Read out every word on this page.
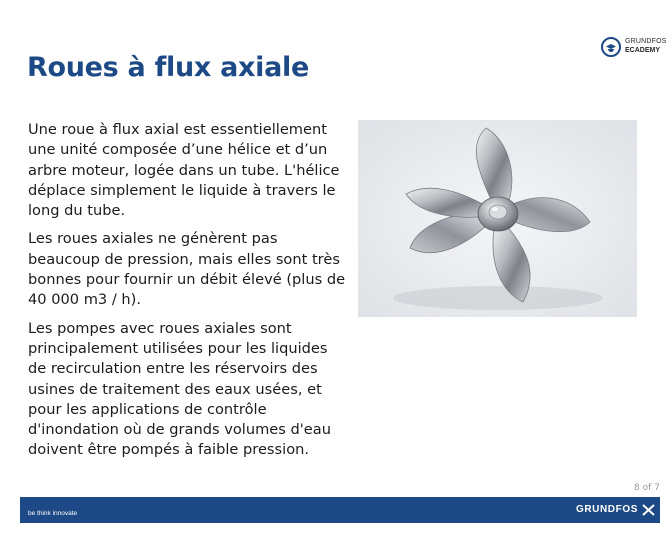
GRUNDFOS
ECADEMY
Roues à flux axiale

Une roue à flux axial est essentiellement une unité composée d’une hélice et d’un arbre moteur, logée dans un tube. L'hélice déplace simplement le liquide à travers le long du tube.

Les roues axiales ne génèrent pas beaucoup de pression, mais elles sont très bonnes pour fournir un débit élevé (plus de 40 000 m3 / h).

Les pompes avec roues axiales sont principalement utilisées pour les liquides de recirculation entre les réservoirs des usines de traitement des eaux usées, et pour les applications de contrôle d'inondation où de grands volumes d'eau doivent être pompés à faible pression.

8 of 7
be think innovate	GRUNDFOS
